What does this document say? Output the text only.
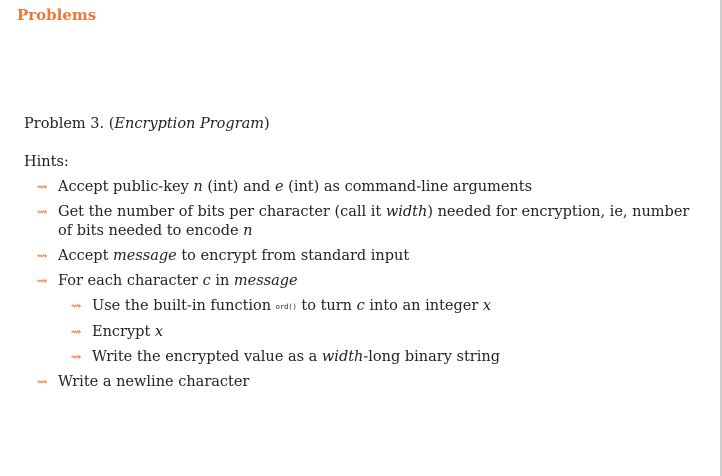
Problems

Problem 3. (Encryption Program)

Hints:

⇝ Accept public-key n (int) and e (int) as command-line arguments
⇝ Get the number of bits per character (call it width) needed for encryption, ie, number of bits needed to encode n
⇝ Accept message to encrypt from standard input
⇝ For each character c in message
⇝ Use the built-in function ord() to turn c into an integer x
⇝ Encrypt x
⇝ Write the encrypted value as a width-long binary string
⇝ Write a newline character
